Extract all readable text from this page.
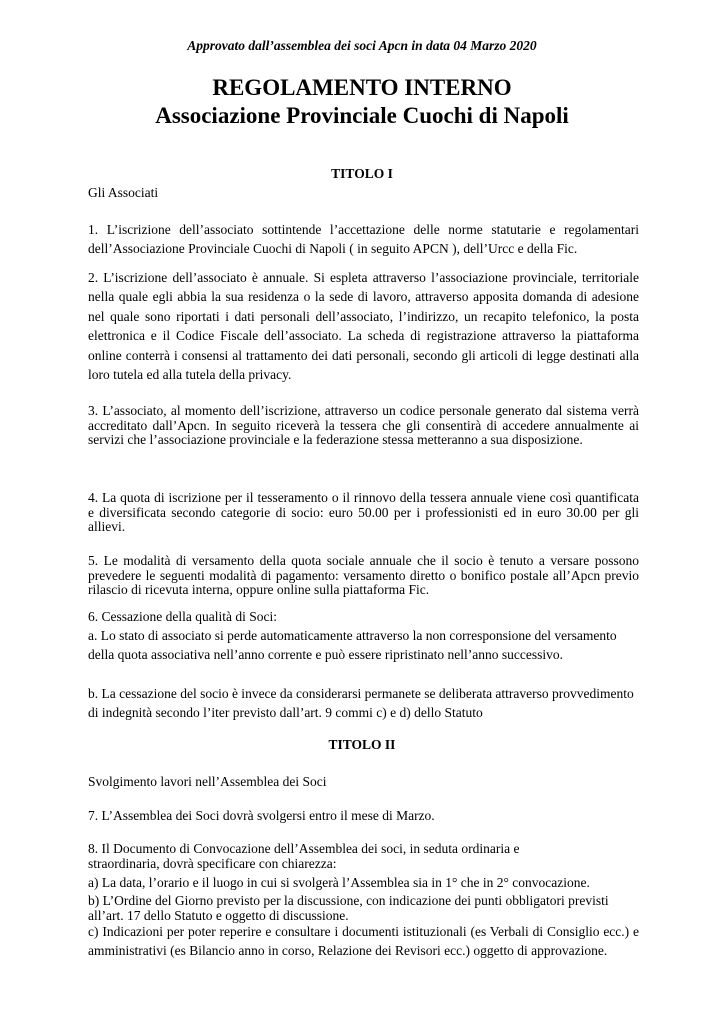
Approvato dall’assemblea dei soci Apcn in data 04 Marzo 2020
REGOLAMENTO INTERNO
Associazione Provinciale Cuochi di Napoli
TITOLO I

Gli Associati

1. L’iscrizione dell’associato sottintende l’accettazione delle norme statutarie e regolamentari dell’Associazione Provinciale Cuochi di Napoli ( in seguito APCN ), dell’Urcc e della Fic.

2. L’iscrizione dell’associato è annuale. Si espleta attraverso l’associazione provinciale, territoriale nella quale egli abbia la sua residenza o la sede di lavoro, attraverso apposita domanda di adesione nel quale sono riportati i dati personali dell’associato, l’indirizzo, un recapito telefonico, la posta elettronica e il Codice Fiscale dell’associato. La scheda di registrazione attraverso la piattaforma online conterrà i consensi al trattamento dei dati personali, secondo gli articoli di legge destinati alla loro tutela ed alla tutela della privacy.

3. L’associato, al momento dell’iscrizione, attraverso un codice personale generato dal sistema verrà accreditato dall’Apcn. In seguito riceverà la tessera che gli consentirà di accedere annualmente ai servizi che l’associazione provinciale e la federazione stessa metteranno a sua disposizione.

4. La quota di iscrizione per il tesseramento o il rinnovo della tessera annuale viene così quantificata e diversificata secondo categorie di socio: euro 50.00 per i professionisti ed in euro 30.00 per gli allievi.

5. Le modalità di versamento della quota sociale annuale che il socio è tenuto a versare possono prevedere le seguenti modalità di pagamento: versamento diretto o bonifico postale all’Apcn previo rilascio di ricevuta interna, oppure online sulla piattaforma Fic.

6. Cessazione della qualità di Soci:

a. Lo stato di associato si perde automaticamente attraverso la non corresponsione del versamento della quota associativa nell’anno corrente e può essere ripristinato nell’anno successivo.

b. La cessazione del socio è invece da considerarsi permanete se deliberata attraverso provvedimento di indegnità secondo l’iter previsto dall’art. 9 commi c) e d) dello Statuto

TITOLO II

Svolgimento lavori nell’Assemblea dei Soci

7. L’Assemblea dei Soci dovrà svolgersi entro il mese di Marzo.

8. Il Documento di Convocazione dell’Assemblea dei soci, in seduta ordinaria e

straordinaria, dovrà specificare con chiarezza:

a) La data, l’orario e il luogo in cui si svolgerà l’Assemblea sia in 1° che in 2° convocazione.

b) L’Ordine del Giorno previsto per la discussione, con indicazione dei punti obbligatori previsti all’art. 17 dello Statuto e oggetto di discussione.

c) Indicazioni per poter reperire e consultare i documenti istituzionali (es Verbali di Consiglio ecc.) e amministrativi (es Bilancio anno in corso, Relazione dei Revisori ecc.) oggetto di approvazione.
